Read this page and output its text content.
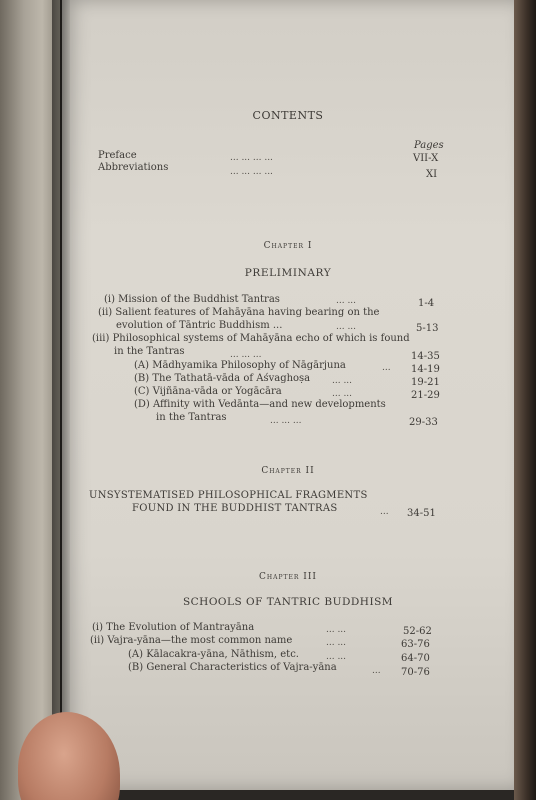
CONTENTS
Pages
Preface	... ... ... ...	VII-X
Abbreviations	... ... ... ...	XI
Chapter I
PRELIMINARY
(i) Mission of the Buddhist Tantras	... ...	1-4
(ii) Salient features of Mahāyāna having bearing on the
evolution of Tāntric Buddhism ...	... ...	5-13
(iii) Philosophical systems of Mahāyāna echo of which is found
in the Tantras	... ... ...	14-35
(A) Mādhyamika Philosophy of Nāgārjuna	... 14-19
(B) The Tathatā-vāda of Aśvaghoṣa ... ...	19-21
(C) Vijñāna-vāda or Yogācāra	... ...	21-29
(D) Affinity with Vedānta—and new developments
in the Tantras	... ... ...	29-33
Chapter II
UNSYSTEMATISED PHILOSOPHICAL FRAGMENTS
FOUND IN THE BUDDHIST TANTRAS	... 34-51
Chapter III
SCHOOLS OF TANTRIC BUDDHISM
(i) The Evolution of Mantrayāna	... ...	52-62
(ii) Vajra-yāna—the most common name	... ...	63-76
(A) Kālacakra-yāna, Nāthism, etc.	... ...	64-70
(B) General Characteristics of Vajra-yāna	... 70-76
